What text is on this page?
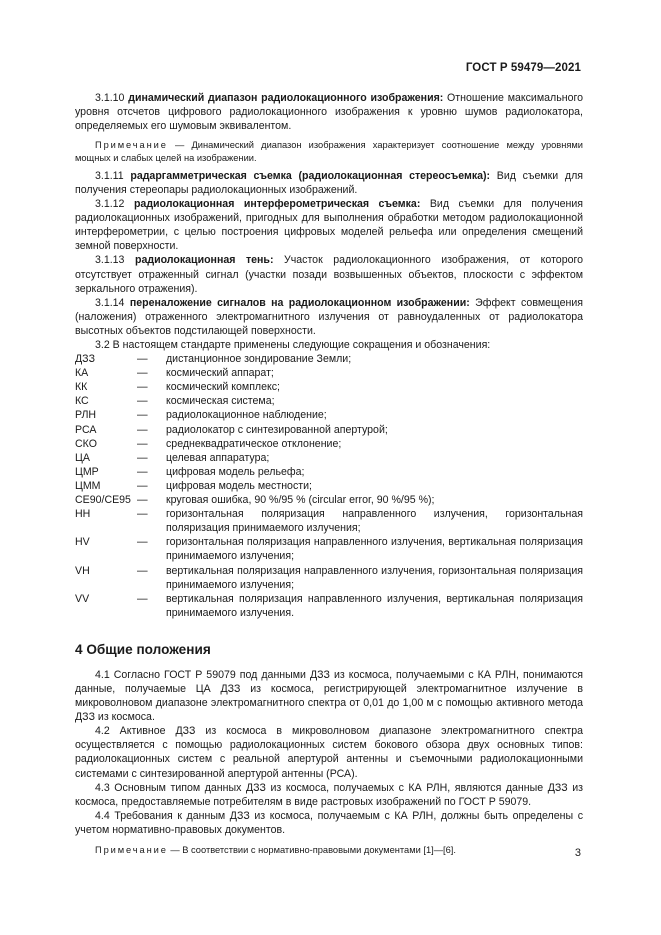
ГОСТ Р 59479—2021

3.1.10 динамический диапазон радиолокационного изображения: Отношение максимального уровня отсчетов цифрового радиолокационного изображения к уровню шумов радиолокатора, определяемых его шумовым эквивалентом.

Примечание — Динамический диапазон изображения характеризует соотношение между уровнями мощных и слабых целей на изображении.

3.1.11 радаргамметрическая съемка (радиолокационная стереосъемка): Вид съемки для получения стереопары радиолокационных изображений.

3.1.12 радиолокационная интерферометрическая съемка: Вид съемки для получения радиолокационных изображений, пригодных для выполнения обработки методом радиолокационной интерферометрии, с целью построения цифровых моделей рельефа или определения смещений земной поверхности.

3.1.13 радиолокационная тень: Участок радиолокационного изображения, от которого отсутствует отраженный сигнал (участки позади возвышенных объектов, плоскости с эффектом зеркального отражения).

3.1.14 переналожение сигналов на радиолокационном изображении: Эффект совмещения (наложения) отраженного электромагнитного излучения от равноудаленных от радиолокатора высотных объектов подстилающей поверхности.

3.2 В настоящем стандарте применены следующие сокращения и обозначения:

ДЗЗ	—	дистанционное зондирование Земли;
КА	—	космический аппарат;
КК	—	космический комплекс;
КС	—	космическая система;
РЛН	—	радиолокационное наблюдение;
РСА	—	радиолокатор с синтезированной апертурой;
СКО	—	среднеквадратическое отклонение;
ЦА	—	целевая аппаратура;
ЦМР	—	цифровая модель рельефа;
ЦММ	—	цифровая модель местности;
CE90/CE95 —	круговая ошибка, 90 %/95 % (circular error, 90 %/95 %);
HH	—	горизонтальная поляризация направленного излучения, горизонтальная поляризация принимаемого излучения;
HV	—	горизонтальная поляризация направленного излучения, вертикальная поляризация принимаемого излучения;
VH	—	вертикальная поляризация направленного излучения, горизонтальная поляризация принимаемого излучения;
VV	—	вертикальная поляризация направленного излучения, вертикальная поляризация принимаемого излучения.
4 Общие положения

4.1 Согласно ГОСТ Р 59079 под данными ДЗЗ из космоса, получаемыми с КА РЛН, понимаются данные, получаемые ЦА ДЗЗ из космоса, регистрирующей электромагнитное излучение в микроволновом диапазоне электромагнитного спектра от 0,01 до 1,00 м с помощью активного метода ДЗЗ из космоса.

4.2 Активное ДЗЗ из космоса в микроволновом диапазоне электромагнитного спектра осуществляется с помощью радиолокационных систем бокового обзора двух основных типов: радиолокационных систем с реальной апертурой антенны и съемочными радиолокационными системами с синтезированной апертурой антенны (РСА).

4.3 Основным типом данных ДЗЗ из космоса, получаемых с КА РЛН, являются данные ДЗЗ из космоса, предоставляемые потребителям в виде растровых изображений по ГОСТ Р 59079.

4.4 Требования к данным ДЗЗ из космоса, получаемым с КА РЛН, должны быть определены с учетом нормативно-правовых документов.

Примечание — В соответствии с нормативно-правовыми документами [1]—[6].	3
